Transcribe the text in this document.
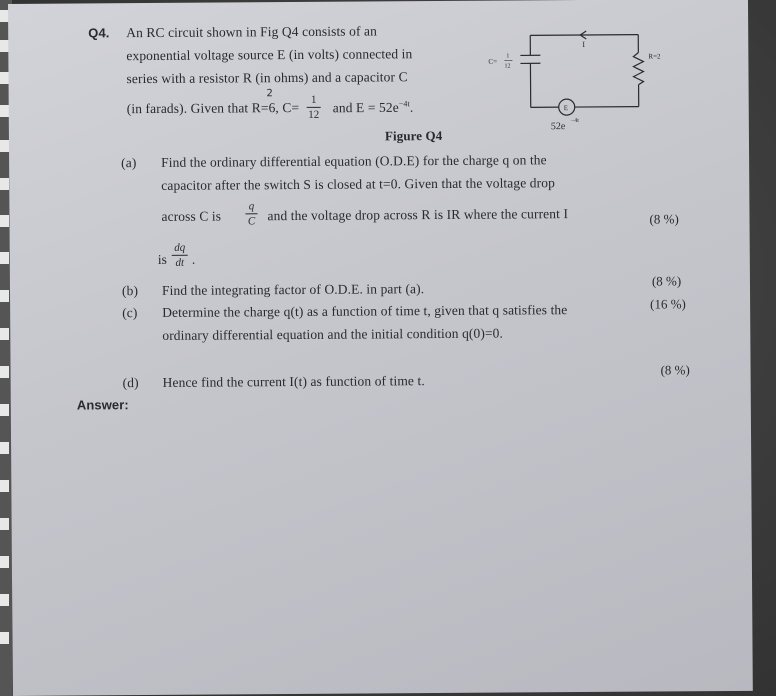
Q4. An RC circuit shown in Fig Q4 consists of an
exponential voltage source E (in volts) connected in
series with a resistor R (in ohms) and a capacitor C
(in farads). Given that R=6
2
, C=
1
12 and $E = 52e^{-4t}$.
I
C=
1
12
R=2
E
52e
−4t
Figure Q4
(a) Find the ordinary differential equation (O.D.E) for the charge q on the
capacitor after the switch S is closed at t=0. Given that the voltage drop
across C is
q
C and the voltage drop across R is IR where the current I	(8 %)
is
dq
dt .
(b) Find the integrating factor of O.D.E. in part (a).
(8 %)
(c) Determine the charge q(t) as a function of time t, given that q satisfies the	(16 %)
ordinary differential equation and the initial condition q(0)=0.
(d) Hence find the current I(t) as function of time t.
(8 %)
Answer:
